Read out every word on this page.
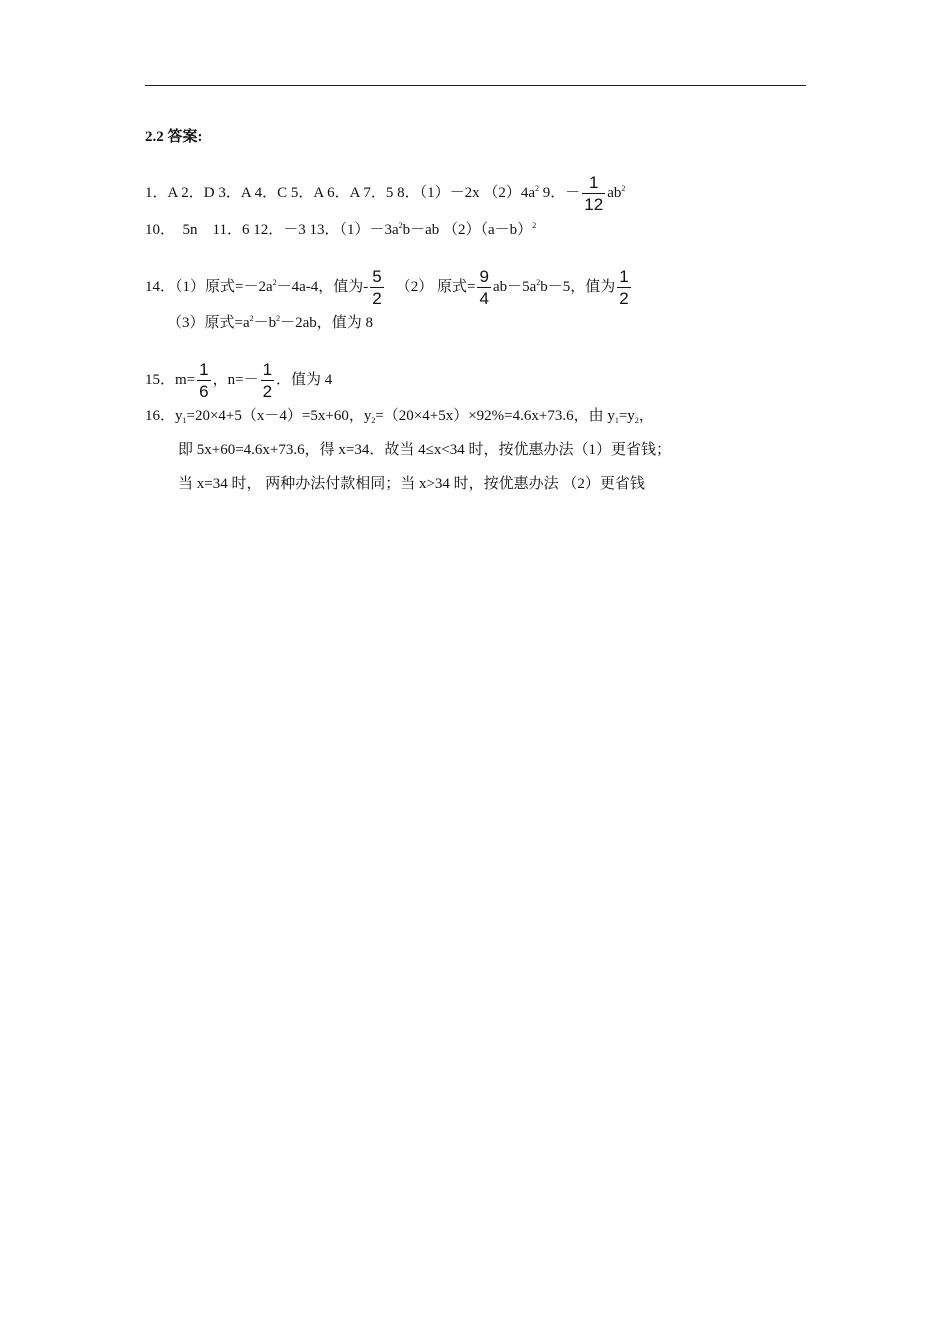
2.2 答案:
1．A 2．D 3．A 4．C 5．A 6．A 7．5 8．（1）－2x $(2)4a^2$ 9．－ $\frac{1}{12} ab^2$
10．　5n　11．6 12．－3 13．$(1)-3a^2b-ab$ $(2)(a-b)^2$
14．（1）原式$=-2a^2-4a-4$，值为- $\frac{5}{2} (2)$ 原式= $\frac{9}{4} ab-5a^2b-5$，值为 $\frac{1}{2}$
（3）原式$=a^2-b^2-2ab$，值为 8
15．$m= \frac{1}{6}$ ，$n=- \frac{1}{2}$ ．值为 4
16．$y_1=20\times 4+5(x-4)=5x+60$，$y_2=(20\times 4+5x)\times 92\%=4.6x+73.6$，由 $y_1=y_2$，
即 5x+60=4.6x+73.6，得 x=34．故当 4≤x<34 时，按优惠办法（1）更省钱；
当 x=34 时， 两种办法付款相同；当 x>34 时，按优惠办法 （2）更省钱
